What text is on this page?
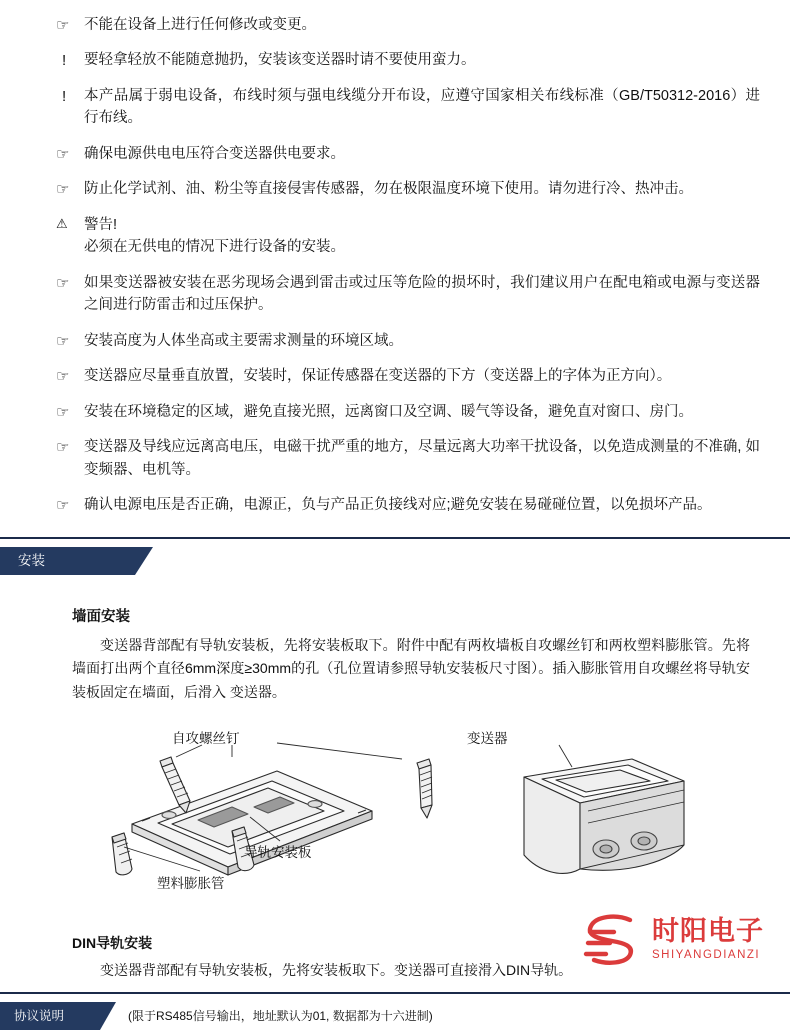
☞	不能在设备上进行任何修改或变更。
!	要轻拿轻放不能随意抛扔，安装该变送器时请不要使用蛮力。
!	本产品属于弱电设备，布线时须与强电线缆分开布设，应遵守国家相关布线标准（GB/T50312-2016）进行布线。
☞	确保电源供电电压符合变送器供电要求。
☞	防止化学试剂、油、粉尘等直接侵害传感器，勿在极限温度环境下使用。请勿进行冷、热冲击。
⚠	警告!
必须在无供电的情况下进行设备的安装。
☞	如果变送器被安装在恶劣现场会遇到雷击或过压等危险的损坏时，我们建议用户在配电箱或电源与变送器之间进行防雷击和过压保护。
☞	安装高度为人体坐高或主要需求测量的环境区域。
☞	变送器应尽量垂直放置，安装时，保证传感器在变送器的下方（变送器上的字体为正方向）。
☞	安装在环境稳定的区域，避免直接光照，远离窗口及空调、暖气等设备，避免直对窗口、房门。
☞	变送器及导线应远离高电压，电磁干扰严重的地方，尽量远离大功率干扰设备，以免造成测量的不准确, 如变频器、电机等。
☞	确认电源电压是否正确，电源正，负与产品正负接线对应;避免安装在易碰碰位置，以免损坏产品。
安装
墙面安装
变送器背部配有导轨安装板，先将安装板取下。附件中配有两枚墙板自攻螺丝钉和两枚塑料膨胀管。先将墙面打出两个直径6mm深度≥30mm的孔（孔位置请参照导轨安装板尺寸图）。插入膨胀管用自攻螺丝将导轨安装板固定在墙面，后滑入 变送器。
自攻螺丝钉	变送器
导轨安装板
塑料膨胀管
DIN导轨安装
变送器背部配有导轨安装板，先将安装板取下。变送器可直接滑入DIN导轨。
时阳电子
SHIYANGDIANZI
协议说明	(限于RS485信号输出，地址默认为01, 数据都为十六进制)
